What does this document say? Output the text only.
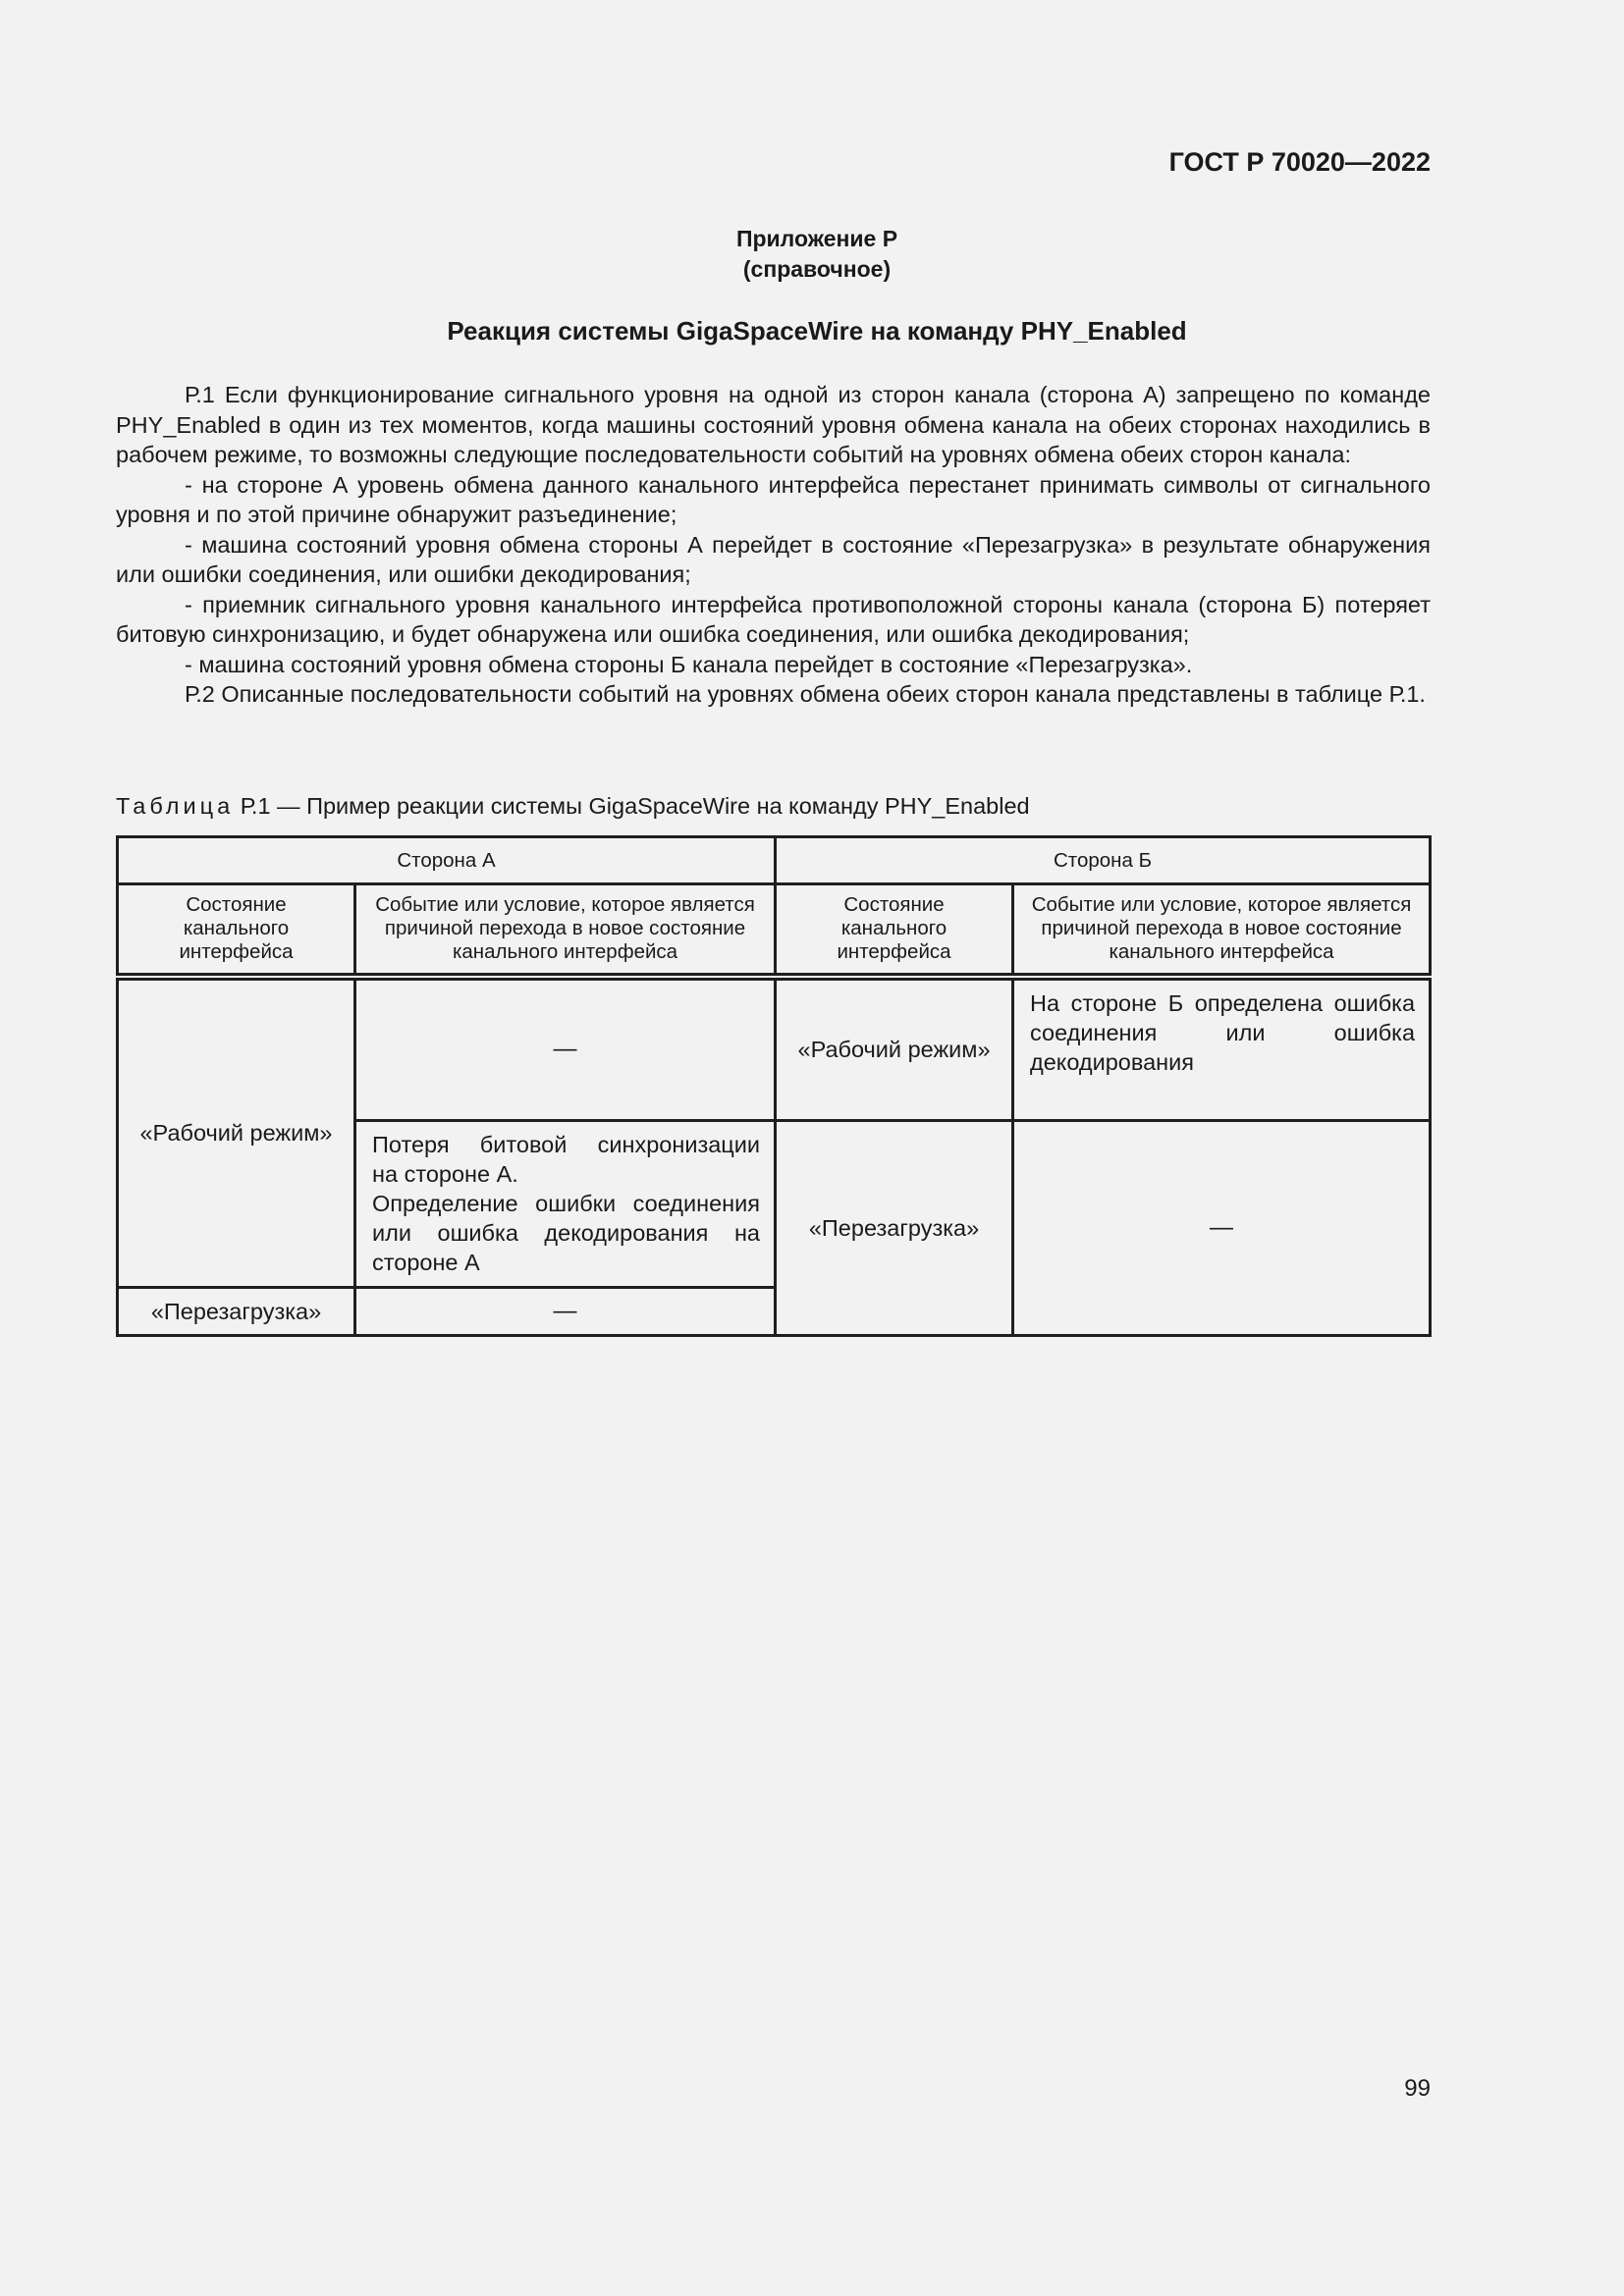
ГОСТ Р 70020—2022
Приложение Р
(справочное)
Реакция системы GigaSpaceWire на команду PHY_Enabled

Р.1 Если функционирование сигнального уровня на одной из сторон канала (сторона А) запрещено по команде PHY_Enabled в один из тех моментов, когда машины состояний уровня обмена канала на обеих сторонах находились в рабочем режиме, то возможны следующие последовательности событий на уровнях обмена обеих сторон канала:

- на стороне А уровень обмена данного канального интерфейса перестанет принимать символы от сигнального уровня и по этой причине обнаружит разъединение;

- машина состояний уровня обмена стороны А перейдет в состояние «Перезагрузка» в результате обнаружения или ошибки соединения, или ошибки декодирования;

- приемник сигнального уровня канального интерфейса противоположной стороны канала (сторона Б) потеряет битовую синхронизацию, и будет обнаружена или ошибка соединения, или ошибка декодирования;

- машина состояний уровня обмена стороны Б канала перейдет в состояние «Перезагрузка».

Р.2 Описанные последовательности событий на уровнях обмена обеих сторон канала представлены в таблице Р.1.

Таблица Р.1 — Пример реакции системы GigaSpaceWire на команду PHY_Enabled

Сторона А		Сторона Б	
Состояние канального интерфейса	Событие или условие, которое является причиной перехода в новое состояние канального интерфейса	Состояние канального интерфейса	Событие или условие, которое является причиной перехода в новое состояние канального интерфейса
«Рабочий режим»	—	«Рабочий режим»	На стороне Б определена ошибка соединения или ошибка декодирования

	Потеря битовой синхронизации
на стороне А.
Определение ошибки соединения или ошибка декодирования на стороне А	«Перезагрузка»	—
«Перезагрузка»	—		

99
